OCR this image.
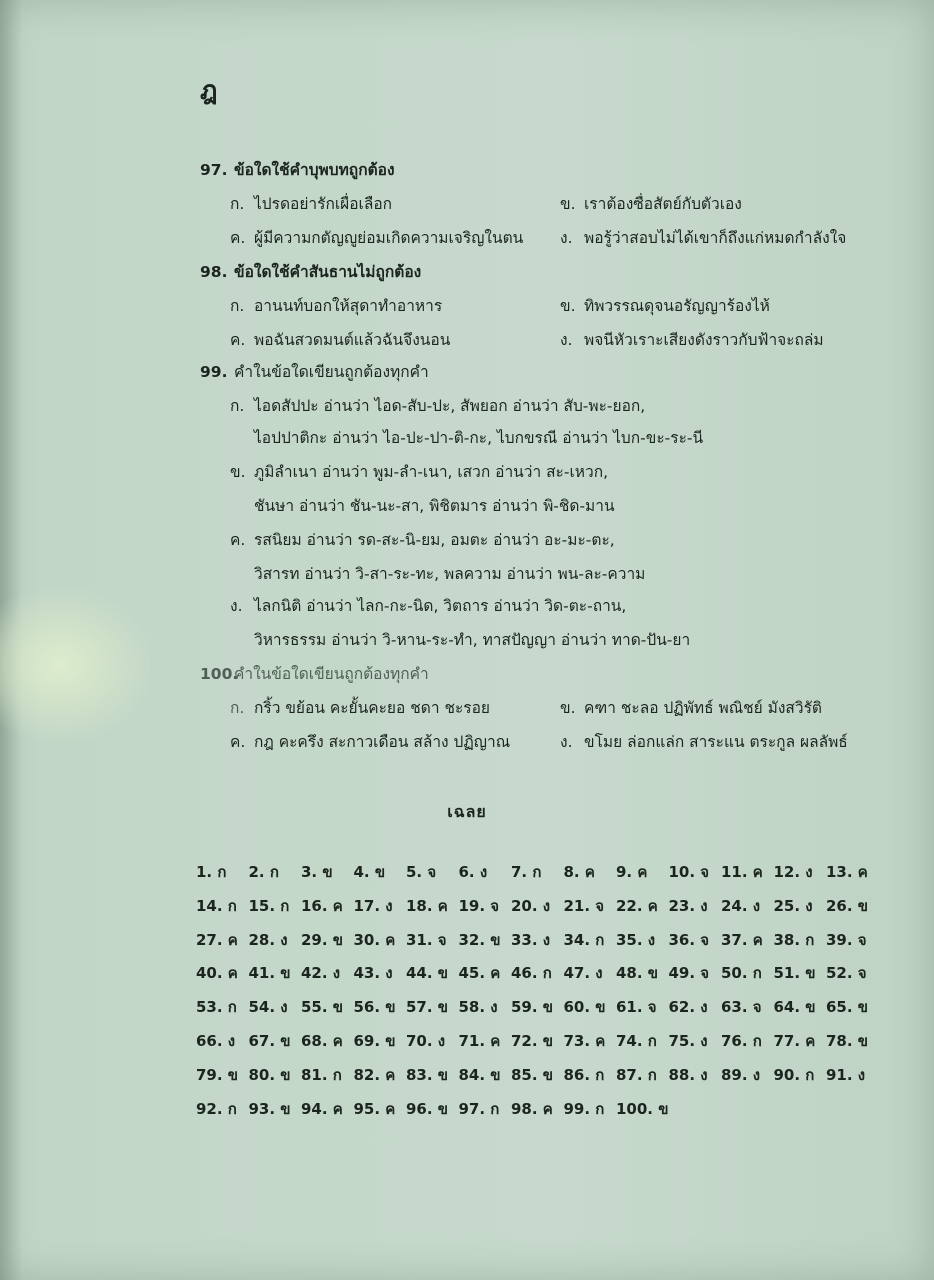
ฎ
97. ข้อใดใช้คำบุพบทถูกต้อง
ก. ไปรดอย่ารักเผื่อเลือก	ข. เราต้องซื่อสัตย์กับตัวเอง
ค. ผู้มีความกตัญญูย่อมเกิดความเจริญในตน ง. พอรู้ว่าสอบไม่ได้เขาก็ถึงแก่หมดกำลังใจ
98. ข้อใดใช้คำสันธานไม่ถูกต้อง
ก. อานนท์บอกให้สุดาทำอาหาร	ข. ทิพวรรณดุจนอรัญญาร้องไห้
ค. พอฉันสวดมนต์แล้วฉันจึงนอน	ง. พจนีหัวเราะเสียงดังราวกับฟ้าจะถล่ม
99. คำในข้อใดเขียนถูกต้องทุกคำ
ก. ไอดสัปปะ อ่านว่า ไอด-สับ-ปะ, สัพยอก อ่านว่า สับ-พะ-ยอก,
ไอปปาติกะ อ่านว่า ไอ-ปะ-ปา-ติ-กะ, ไบกขรณี อ่านว่า ไบก-ขะ-ระ-นี
ข. ภูมิลำเนา อ่านว่า พูม-ลำ-เนา, เสวก อ่านว่า สะ-เหวก,
ชันษา อ่านว่า ชัน-นะ-สา, พิชิตมาร อ่านว่า พิ-ชิด-มาน
ค. รสนิยม อ่านว่า รด-สะ-นิ-ยม, อมตะ อ่านว่า อะ-มะ-ตะ,
วิสารท อ่านว่า วิ-สา-ระ-ทะ, พลความ อ่านว่า พน-ละ-ความ
ง. ไลกนิติ อ่านว่า ไลก-กะ-นิด, วิตถาร อ่านว่า วิด-ตะ-ถาน,
วิหารธรรม อ่านว่า วิ-หาน-ระ-ทำ, ทาสปัญญา อ่านว่า ทาด-ปัน-ยา
100.คำในข้อใดเขียนถูกต้องทุกคำ
ก. กริ้ว ขย้อน คะยั้นคะยอ ชดา ชะรอย	ข. คฑา ชะลอ ปฏิพัทธ์ พณิชย์ มังสวิรัติ
ค. กฎ คะครึง สะกาวเดือน สล้าง ปฏิญาณ	ง. ขโมย ล่อกแล่ก สาระแน ตระกูล ผลลัพธ์
เฉลย
1. ก	2. ก	3. ข	4. ข	5. จ	6. ง	7. ก	8. ค	9. ค	10. จ 11. ค 12. ง 13. ค
14. ก 15. ก 16. ค 17. ง 18. ค 19. จ 20. ง 21. จ 22. ค 23. ง 24. ง 25. ง 26. ข
27. ค 28. ง 29. ข 30. ค 31. จ 32. ข 33. ง 34. ก 35. ง 36. จ 37. ค 38. ก 39. จ
40. ค 41. ข 42. ง 43. ง 44. ข 45. ค 46. ก 47. ง 48. ข 49. จ 50. ก 51. ข 52. จ
53. ก 54. ง 55. ข 56. ข 57. ข 58. ง 59. ข 60. ข 61. จ 62. ง 63. จ 64. ข 65. ข
66. ง 67. ข 68. ค 69. ข 70. ง 71. ค 72. ข 73. ค 74. ก 75. ง 76. ก 77. ค 78. ข
79. ข 80. ข 81. ก 82. ค 83. ข 84. ข 85. ข 86. ก 87. ก 88. ง 89. ง 90. ก 91. ง
92. ก 93. ข 94. ค 95. ค 96. ข 97. ก 98. ค 99. ก 100. ข
